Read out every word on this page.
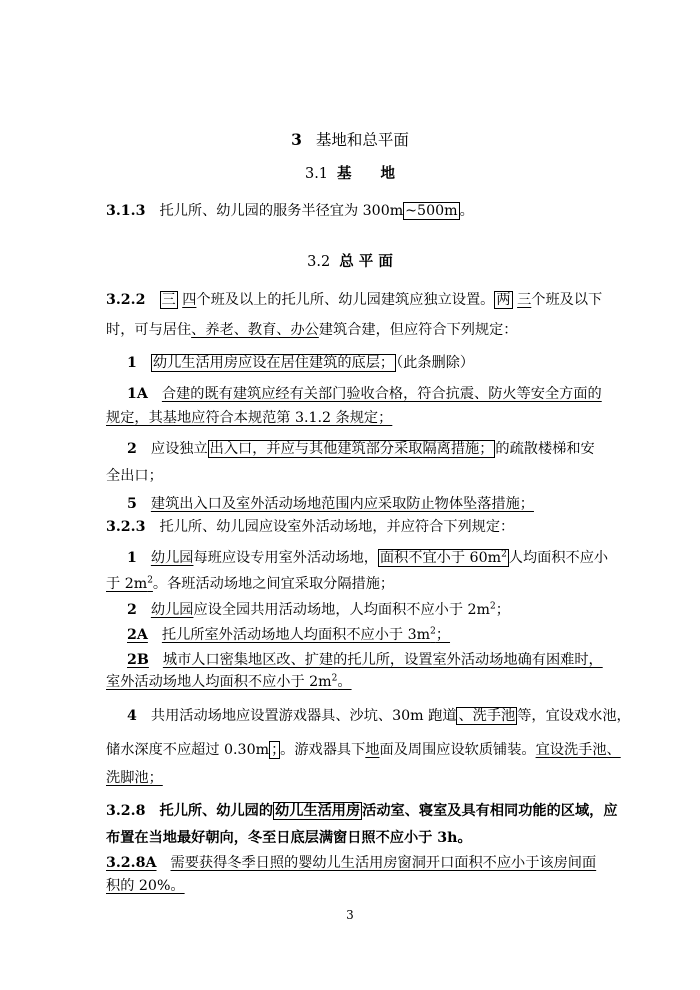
3 基地和总平面
3.1 基　　地
3.1.3 托儿所、幼儿园的服务半径宜为 300m ~500m 。
3.2 总 平 面
3.2.2 三 四个班及以上的托儿所、幼儿园建筑应独立设置。 两 三个班及以下
时，可与居住、养老、教育、办公建筑合建，但应符合下列规定：
1 幼儿生活用房应设在居住建筑的底层； （此条删除）
1A 合建的既有建筑应经有关部门验收合格，符合抗震、防火等安全方面的
规定，其基地应符合本规范第 3.1.2 条规定；
2 应设独立 出入口，并应与其他建筑部分采取隔离措施； 的疏散楼梯和安
全出口；
5 建筑出入口及室外活动场地范围内应采取防止物体坠落措施；
3.2.3 托儿所、幼儿园应设室外活动场地，并应符合下列规定：
1 幼儿园每班应设专用室外活动场地， 面积不宜小于 $60m^2$ 人均面积不应小
于 $2m^2$。各班活动场地之间宜采取分隔措施；
2 幼儿园应设全园共用活动场地，人均面积不应小于 $2m^2$；
2A 托儿所室外活动场地人均面积不应小于 $3m^2$；
2B 城市人口密集地区改、扩建的托儿所，设置室外活动场地确有困难时，
室外活动场地人均面积不应小于 $2m^2$。
4 共用活动场地应设置游戏器具、沙坑、30m 跑道 、洗手池 等，宜设戏水池，
储水深度不应超过 0.30m ； 。游戏器具下地面及周围应设软质铺装。宜设洗手池、
洗脚池；
3.2.8 托儿所、幼儿园的 幼儿生活用房 活动室、寝室及具有相同功能的区域，应
布置在当地最好朝向，冬至日底层满窗日照不应小于 3h。
3.2.8A 需要获得冬季日照的婴幼儿生活用房窗洞开口面积不应小于该房间面
积的 20%。
3
